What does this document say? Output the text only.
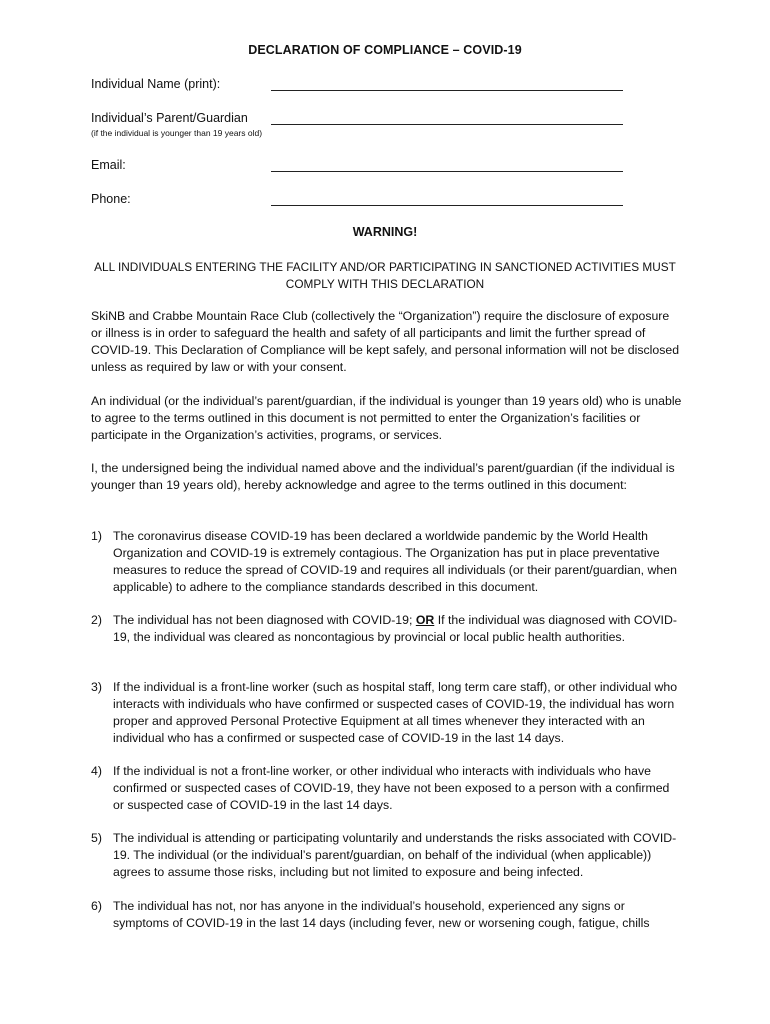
DECLARATION OF COMPLIANCE – COVID-19
Individual Name (print):
Individual’s Parent/Guardian
(if the individual is younger than 19 years old)
Email:
Phone:
WARNING!
ALL INDIVIDUALS ENTERING THE FACILITY AND/OR PARTICIPATING IN SANCTIONED ACTIVITIES MUST COMPLY WITH THIS DECLARATION
SkiNB and Crabbe Mountain Race Club (collectively the “Organization”) require the disclosure of exposure or illness is in order to safeguard the health and safety of all participants and limit the further spread of COVID-19. This Declaration of Compliance will be kept safely, and personal information will not be disclosed unless as required by law or with your consent.
An individual (or the individual’s parent/guardian, if the individual is younger than 19 years old) who is unable to agree to the terms outlined in this document is not permitted to enter the Organization’s facilities or participate in the Organization’s activities, programs, or services.
I, the undersigned being the individual named above and the individual’s parent/guardian (if the individual is younger than 19 years old), hereby acknowledge and agree to the terms outlined in this document:
1) The coronavirus disease COVID-19 has been declared a worldwide pandemic by the World Health Organization and COVID-19 is extremely contagious. The Organization has put in place preventative measures to reduce the spread of COVID-19 and requires all individuals (or their parent/guardian, when applicable) to adhere to the compliance standards described in this document.
2) The individual has not been diagnosed with COVID-19; OR If the individual was diagnosed with COVID-19, the individual was cleared as noncontagious by provincial or local public health authorities.
3) If the individual is a front-line worker (such as hospital staff, long term care staff), or other individual who interacts with individuals who have confirmed or suspected cases of COVID-19, the individual has worn proper and approved Personal Protective Equipment at all times whenever they interacted with an individual who has a confirmed or suspected case of COVID-19 in the last 14 days.
4) If the individual is not a front-line worker, or other individual who interacts with individuals who have confirmed or suspected cases of COVID-19, they have not been exposed to a person with a confirmed or suspected case of COVID-19 in the last 14 days.
5) The individual is attending or participating voluntarily and understands the risks associated with COVID-19. The individual (or the individual’s parent/guardian, on behalf of the individual (when applicable)) agrees to assume those risks, including but not limited to exposure and being infected.
6) The individual has not, nor has anyone in the individual’s household, experienced any signs or symptoms of COVID-19 in the last 14 days (including fever, new or worsening cough, fatigue, chills
